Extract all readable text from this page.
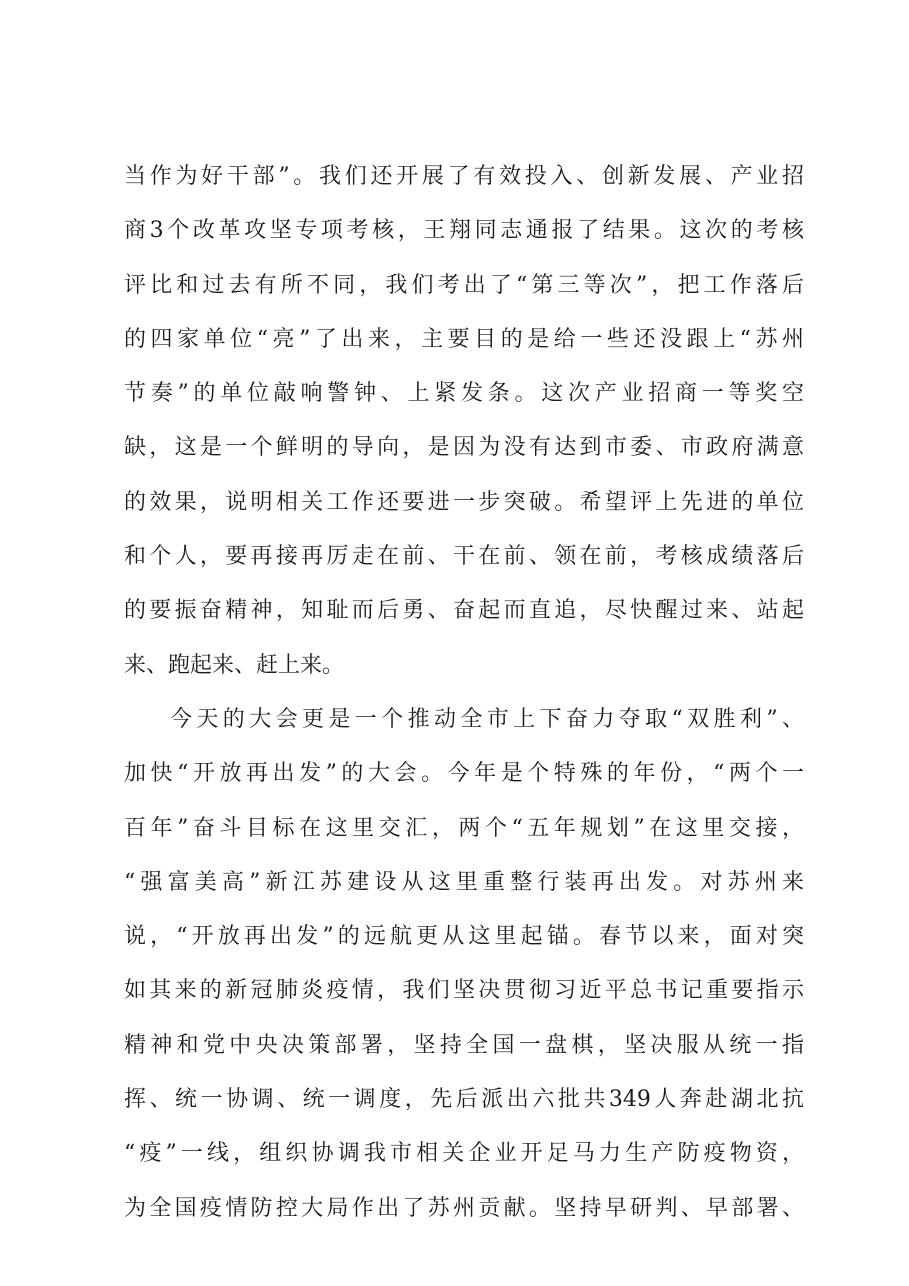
当作为好干部”。我们还开展了有效投入、创新发展、产业招
商3个改革攻坚专项考核，王翔同志通报了结果。这次的考核
评比和过去有所不同，我们考出了“第三等次”，把工作落后
的四家单位“亮”了出来，主要目的是给一些还没跟上“苏州
节奏”的单位敲响警钟、上紧发条。这次产业招商一等奖空
缺，这是一个鲜明的导向，是因为没有达到市委、市政府满意
的效果，说明相关工作还要进一步突破。希望评上先进的单位
和个人，要再接再厉走在前、干在前、领在前，考核成绩落后
的要振奋精神，知耻而后勇、奋起而直追，尽快醒过来、站起
来、跑起来、赶上来。
今天的大会更是一个推动全市上下奋力夺取“双胜利”、
加快“开放再出发”的大会。今年是个特殊的年份，“两个一
百年”奋斗目标在这里交汇，两个“五年规划”在这里交接，
“强富美高”新江苏建设从这里重整行装再出发。对苏州来
说，“开放再出发”的远航更从这里起锚。春节以来，面对突
如其来的新冠肺炎疫情，我们坚决贯彻习近平总书记重要指示
精神和党中央决策部署，坚持全国一盘棋，坚决服从统一指
挥、统一协调、统一调度，先后派出六批共349人奔赴湖北抗
“疫”一线，组织协调我市相关企业开足马力生产防疫物资，
为全国疫情防控大局作出了苏州贡献。坚持早研判、早部署、
